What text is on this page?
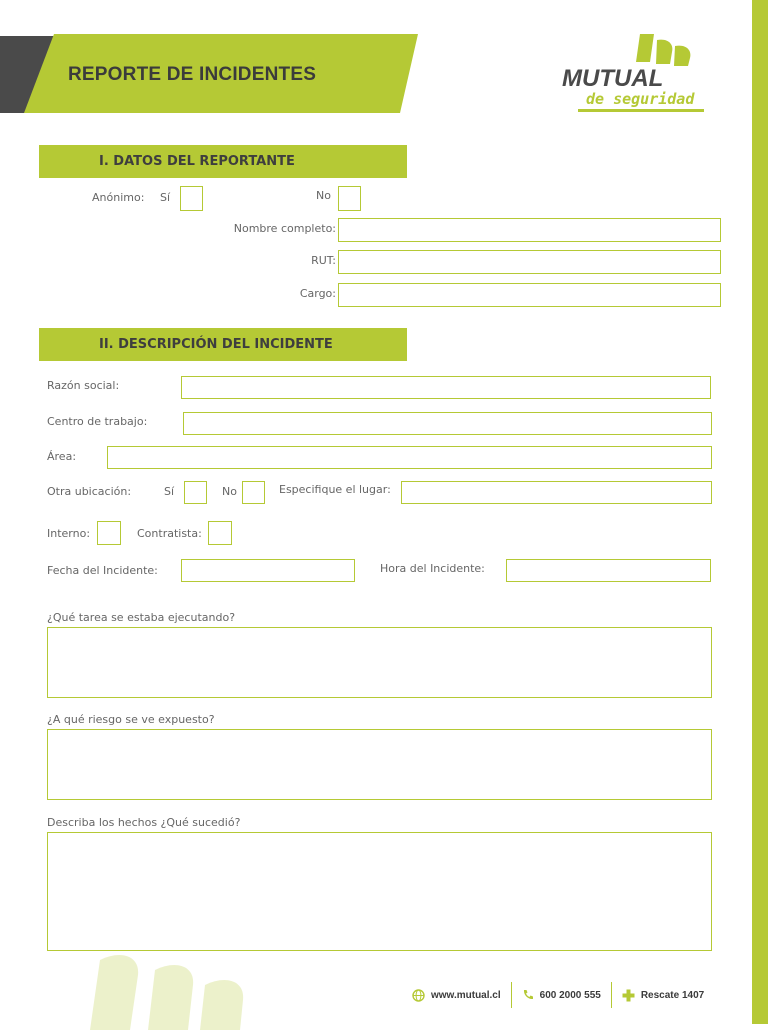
REPORTE DE INCIDENTES	MUTUAL
de seguridad
I. DATOS DEL REPORTANTE
Anónimo: Sí	No
Nombre completo:
RUT:
Cargo:
II. DESCRIPCIÓN DEL INCIDENTE
Razón social:
Centro de trabajo:
Área:
Otra ubicación:	Sí	No	Especifique el lugar:
Interno:	Contratista:
Fecha del Incidente:	Hora del Incidente:
¿Qué tarea se estaba ejecutando?
¿A qué riesgo se ve expuesto?
Describa los hechos ¿Qué sucedió?
www.mutual.cl	600 2000 555	Rescate 1407
